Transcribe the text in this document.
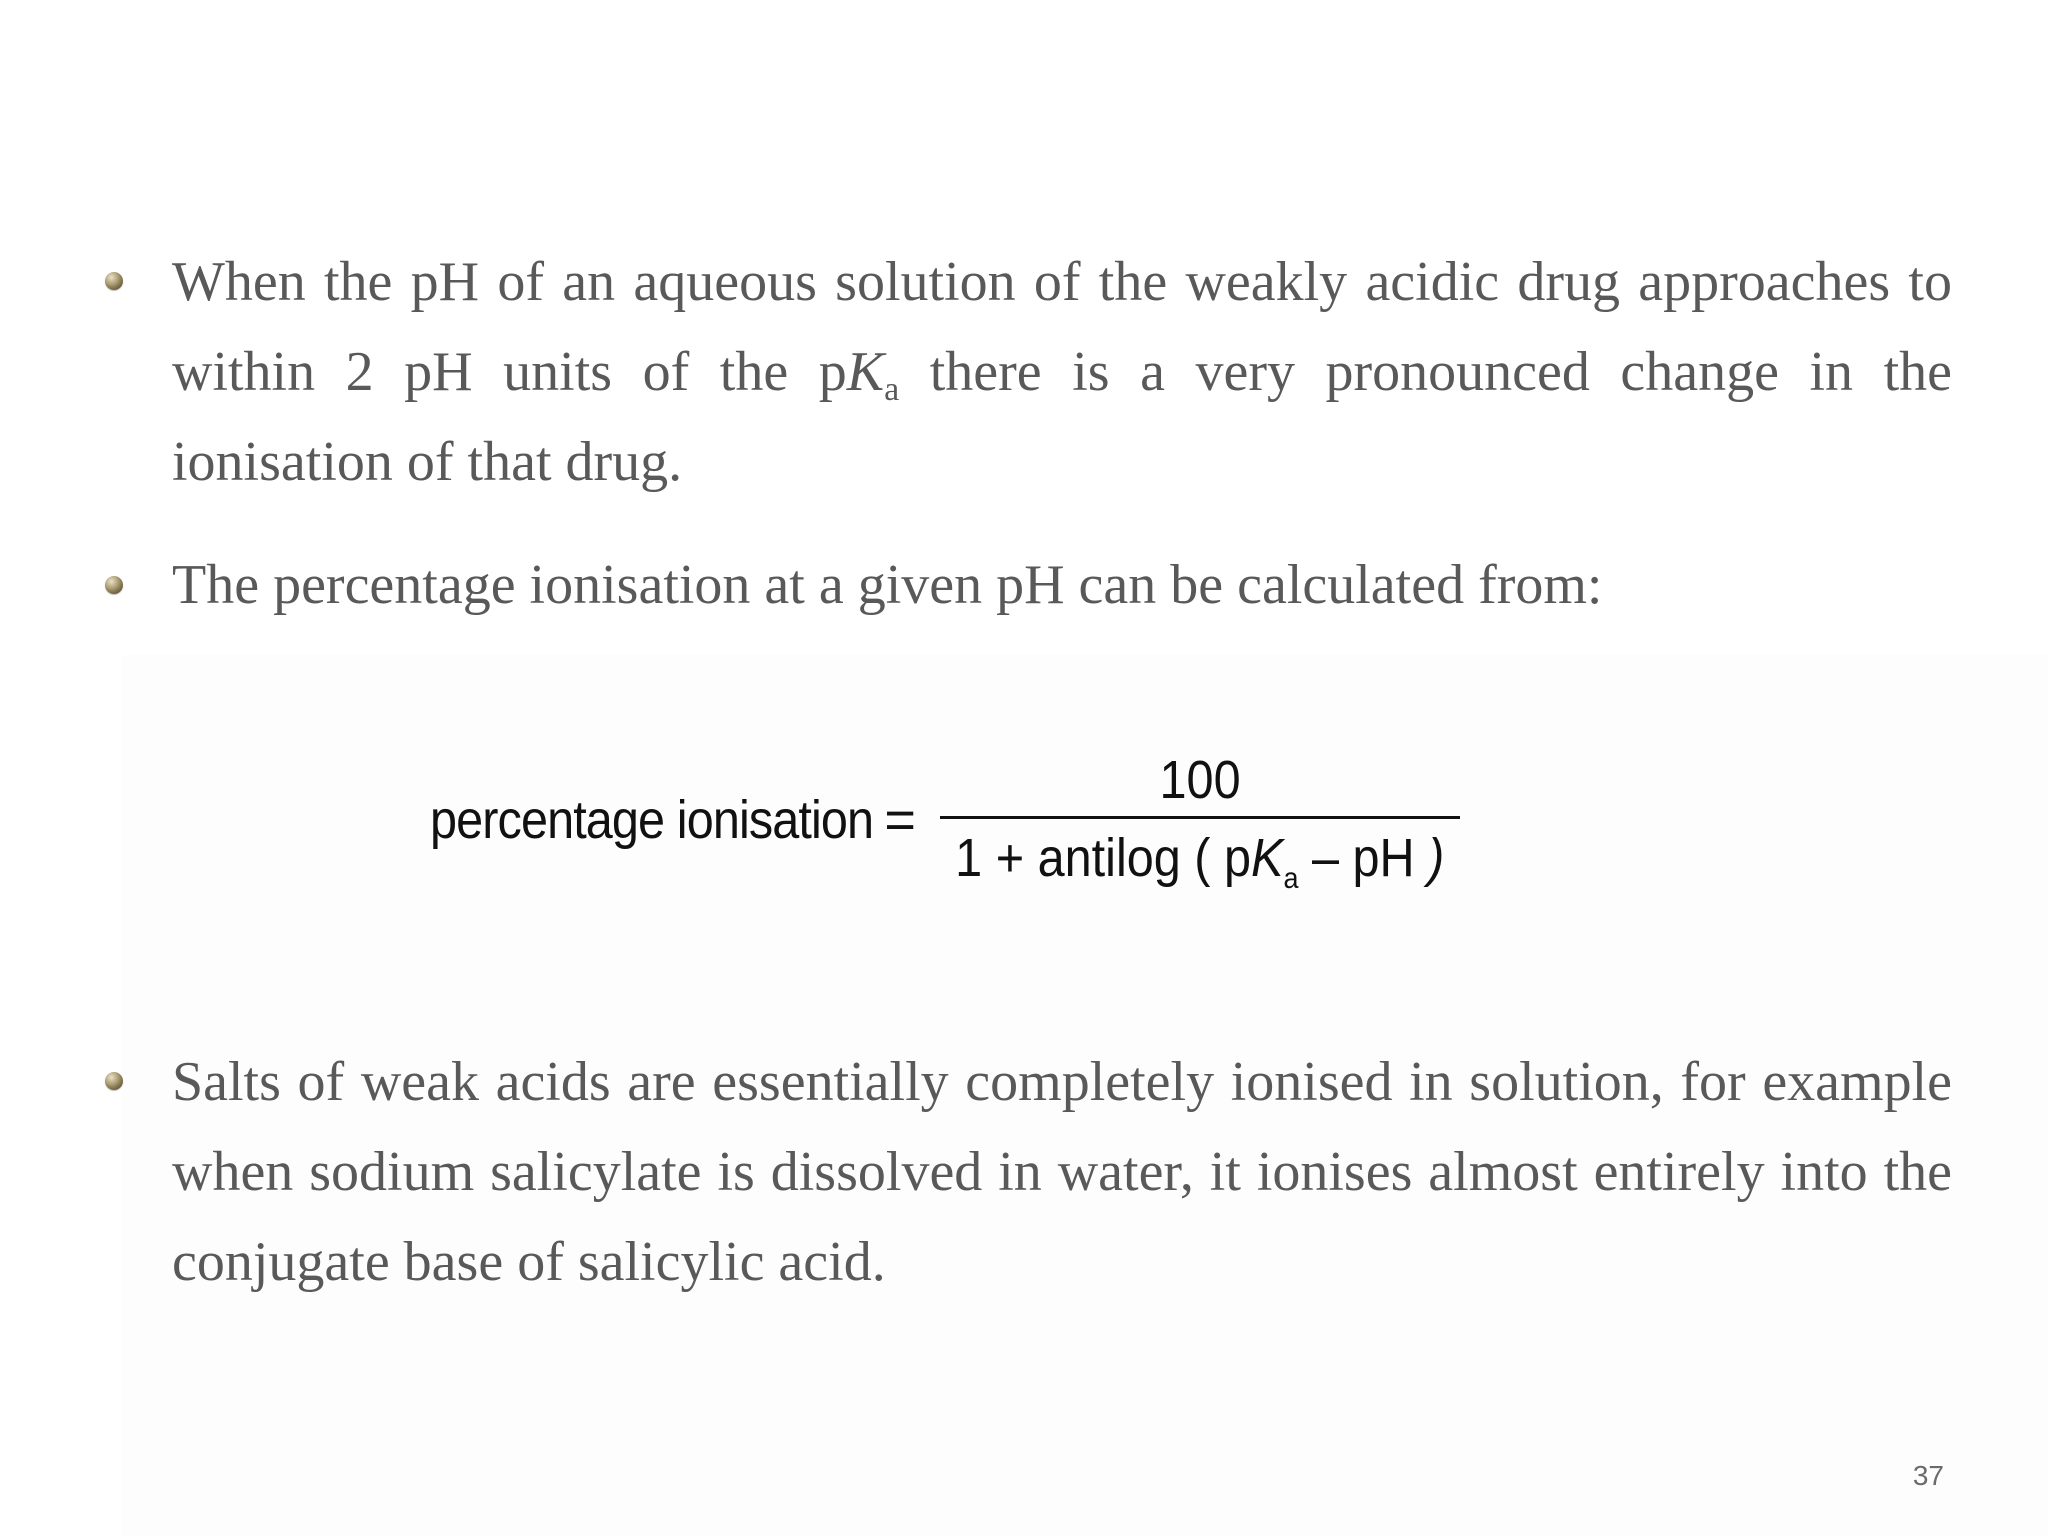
When the pH of an aqueous solution of the weakly acidic drug approaches to within 2 pH units of the $pK_a$ there is a very pronounced change in the ionisation of that drug.
The percentage ionisation at a given pH can be calculated from:
percentage ionisation = $\frac{100}{1 + antilog ( pK_a - pH )}$
Salts of weak acids are essentially completely ionised in solution, for example when sodium salicylate is dissolved in water, it ionises almost entirely into the conjugate base of salicylic acid.
37
